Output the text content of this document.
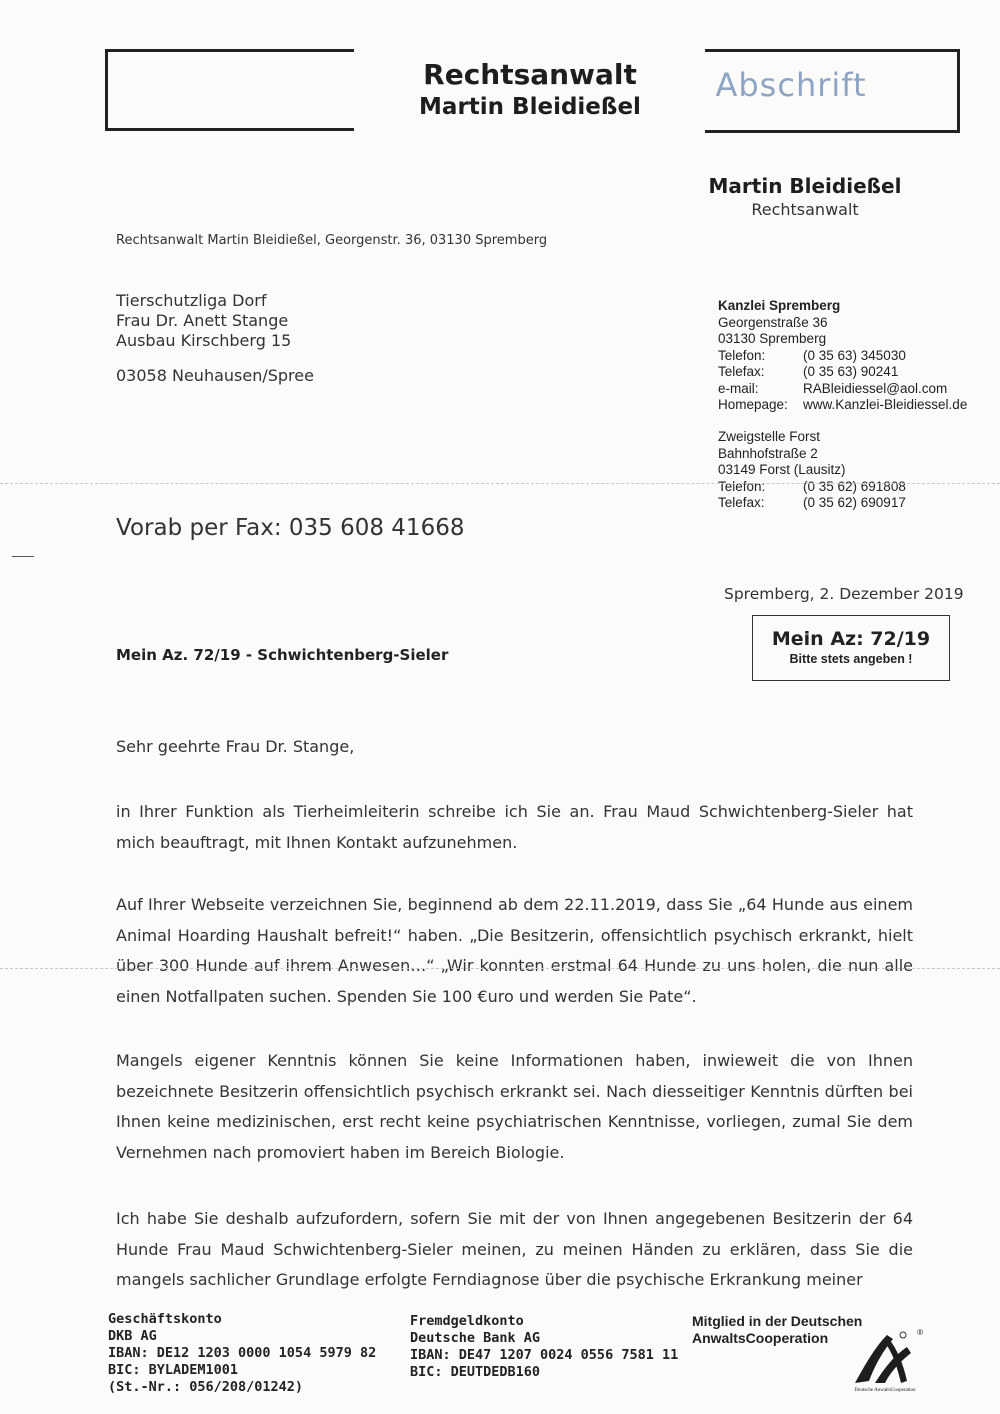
Rechtsanwalt
Martin Bleidießel
Abschrift
Martin Bleidießel
Rechtsanwalt
Rechtsanwalt Martin Bleidießel, Georgenstr. 36, 03130 Spremberg
Tierschutzliga Dorf
Frau Dr. Anett Stange
Ausbau Kirschberg 15
03058 Neuhausen/Spree
Kanzlei Spremberg
Georgenstraße 36
03130 Spremberg
Telefon:	(0 35 63) 345030
Telefax:	(0 35 63) 90241
e-mail:	RABleidiessel@aol.com
Homepage:	www.Kanzlei-Bleidiessel.de
Zweigstelle Forst
Bahnhofstraße 2
03149 Forst (Lausitz)
Telefon:	(0 35 62) 691808
Telefax:	(0 35 62) 690917
Vorab per Fax: 035 608 41668
Spremberg, 2. Dezember 2019
Mein Az. 72/19 - Schwichtenberg-Sieler
Mein Az: 72/19
Bitte stets angeben !
Sehr geehrte Frau Dr. Stange,

in Ihrer Funktion als Tierheimleiterin schreibe ich Sie an. Frau Maud Schwichtenberg-Sieler hat mich beauftragt, mit Ihnen Kontakt aufzunehmen.

Auf Ihrer Webseite verzeichnen Sie, beginnend ab dem 22.11.2019, dass Sie „64 Hunde aus einem Animal Hoarding Haushalt befreit!“ haben. „Die Besitzerin, offensichtlich psychisch erkrankt, hielt über 300 Hunde auf ihrem Anwesen…“ „Wir konnten erstmal 64 Hunde zu uns holen, die nun alle einen Notfallpaten suchen. Spenden Sie 100 €uro und werden Sie Pate“.

Mangels eigener Kenntnis können Sie keine Informationen haben, inwieweit die von Ihnen bezeichnete Besitzerin offensichtlich psychisch erkrankt sei. Nach diesseitiger Kenntnis dürften bei Ihnen keine medizinischen, erst recht keine psychiatrischen Kenntnisse, vorliegen, zumal Sie dem Vernehmen nach promoviert haben im Bereich Biologie.

Ich habe Sie deshalb aufzufordern, sofern Sie mit der von Ihnen angegebenen Besitzerin der 64 Hunde Frau Maud Schwichtenberg-Sieler meinen, zu meinen Händen zu erklären, dass Sie die mangels sachlicher Grundlage erfolgte Ferndiagnose über die psychische Erkrankung meiner

Geschäftskonto
DKB AG
IBAN: DE12 1203 0000 1054 5979 82
BIC: BYLADEM1001
(St.-Nr.: 056/208/01242)
Fremdgeldkonto
Deutsche Bank AG
IBAN: DE47 1207 0024 0556 7581 11
BIC: DEUTDEDB160
Mitglied in der Deutschen
AnwaltsCooperation
Deutsche AnwaltsCooperation
®
